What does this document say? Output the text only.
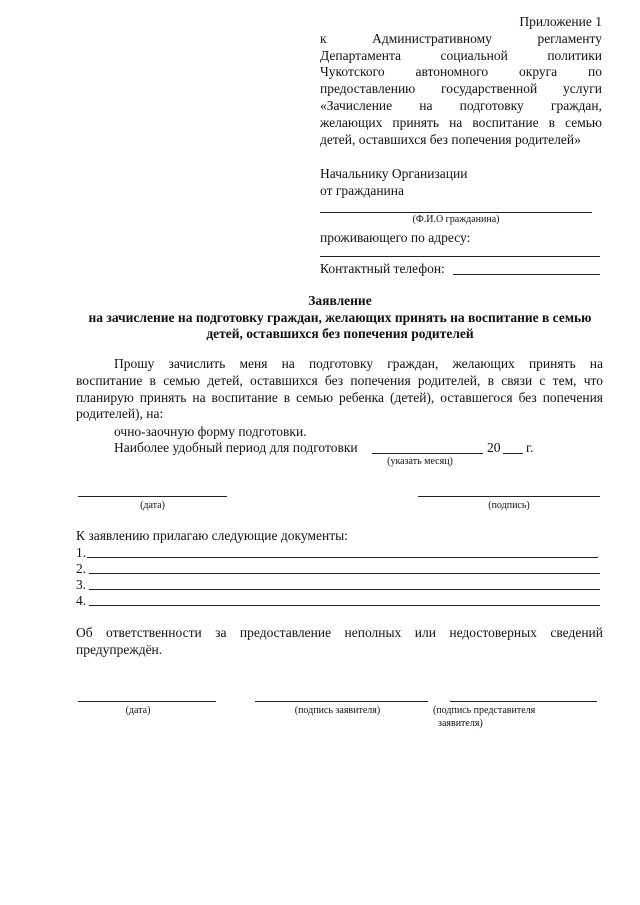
Приложение 1
к Административному регламенту
Департамента социальной политики
Чукотского автономного округа по
предоставлению государственной услуги
«Зачисление на подготовку граждан,
желающих принять на воспитание в семью
детей, оставшихся без попечения родителей»
Начальнику Организации
от гражданина
(Ф.И.О гражданина)
проживающего по адресу:
Контактный телефон:
Заявление
на зачисление на подготовку граждан, желающих принять на воспитание в семью
детей, оставшихся без попечения родителей
Прошу зачислить меня на подготовку граждан, желающих принять на
воспитание в семью детей, оставшихся без попечения родителей, в связи с тем, что
планирую принять на воспитание в семью ребенка (детей), оставшегося без попечения
родителей), на:
очно-заочную форму подготовки.
Наиболее удобный период для подготовки	20 г.
(указать месяц)
(дата)	(подпись)
К заявлению прилагаю следующие документы:
1.
2.
3.
4.
Об ответственности за предоставление неполных или недостоверных сведений
предупреждён.
(дата)	(подпись заявителя)	(подпись представителя
заявителя)
